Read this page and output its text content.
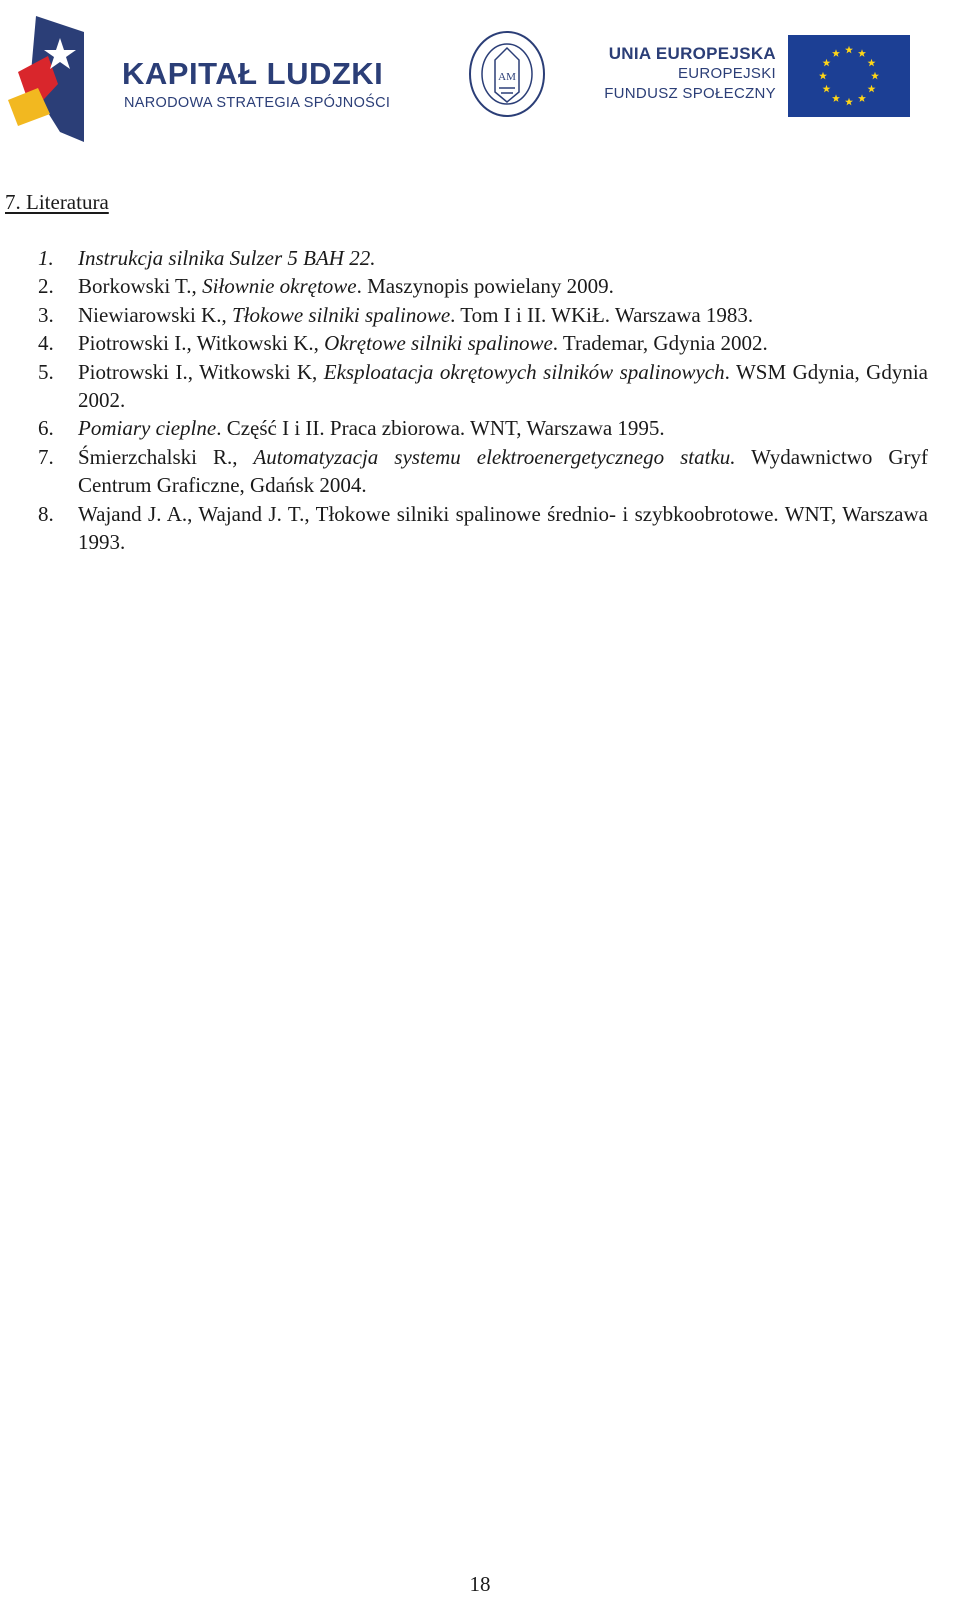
KAPITAŁ LUDZKI
NARODOWA STRATEGIA SPÓJNOŚCI
AM
UNIA EUROPEJSKA
EUROPEJSKI
FUNDUSZ SPOŁECZNY
7. Literatura
1. Instrukcja silnika Sulzer 5 BAH 22.
2. Borkowski T., Siłownie okrętowe. Maszynopis powielany 2009.
3. Niewiarowski K., Tłokowe silniki spalinowe. Tom I i II. WKiŁ. Warszawa 1983.
4. Piotrowski I., Witkowski K., Okrętowe silniki spalinowe. Trademar, Gdynia 2002.
5. Piotrowski I., Witkowski K, Eksploatacja okrętowych silników spalinowych. WSM Gdynia, Gdynia 2002.
6. Pomiary cieplne. Część I i II. Praca zbiorowa. WNT, Warszawa 1995.
7. Śmierzchalski R., Automatyzacja systemu elektroenergetycznego statku. Wydawnictwo Gryf Centrum Graficzne, Gdańsk 2004.
8. Wajand J. A., Wajand J. T., Tłokowe silniki spalinowe średnio- i szybkoobrotowe. WNT, Warszawa 1993.
18
